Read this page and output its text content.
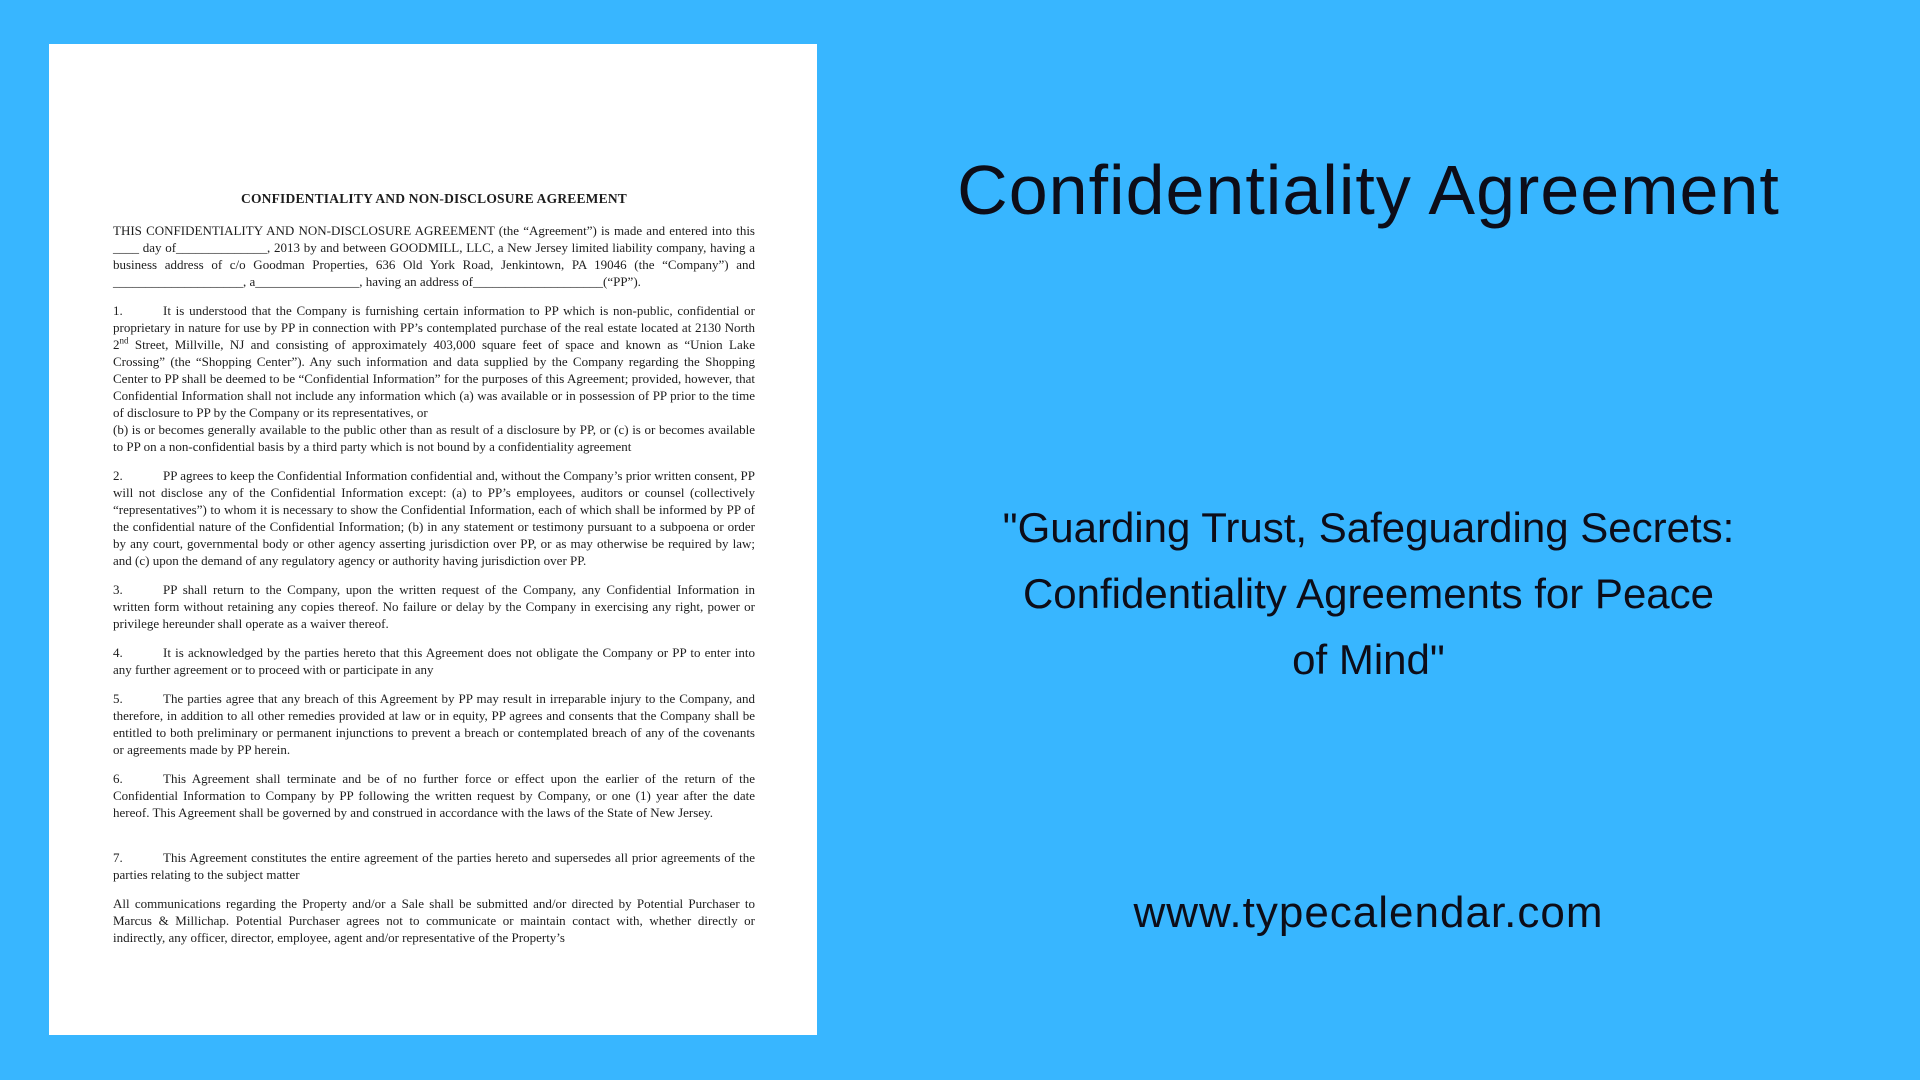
CONFIDENTIALITY AND NON-DISCLOSURE AGREEMENT

THIS CONFIDENTIALITY AND NON-DISCLOSURE AGREEMENT (the “Agreement”) is made and entered into this ____ day of______________, 2013 by and between GOODMILL, LLC, a New Jersey limited liability company, having a business address of c/o Goodman Properties, 636 Old York Road, Jenkintown, PA 19046 (the “Company”) and ____________________, a________________, having an address of____________________(“PP”).

1.	It is understood that the Company is furnishing certain information to PP which is non-public, confidential or proprietary in nature for use by PP in connection with PP’s contemplated purchase of the real estate located at 2130 North 2nd Street, Millville, NJ and consisting of approximately 403,000 square feet of space and known as “Union Lake Crossing” (the “Shopping Center”). Any such information and data supplied by the Company regarding the Shopping Center to PP shall be deemed to be “Confidential Information” for the purposes of this Agreement; provided, however, that Confidential Information shall not include any information which (a) was available or in possession of PP prior to the time of disclosure to PP by the Company or its representatives, or
(b) is or becomes generally available to the public other than as result of a disclosure by PP, or (c) is or becomes available to PP on a non-confidential basis by a third party which is not bound by a confidentiality agreement

2.	PP agrees to keep the Confidential Information confidential and, without the Company’s prior written consent, PP will not disclose any of the Confidential Information except: (a) to PP’s employees, auditors or counsel (collectively “representatives”) to whom it is necessary to show the Confidential Information, each of which shall be informed by PP of the confidential nature of the Confidential Information; (b) in any statement or testimony pursuant to a subpoena or order by any court, governmental body or other agency asserting jurisdiction over PP, or as may otherwise be required by law; and (c) upon the demand of any regulatory agency or authority having jurisdiction over PP.

3.	PP shall return to the Company, upon the written request of the Company, any Confidential Information in written form without retaining any copies thereof. No failure or delay by the Company in exercising any right, power or privilege hereunder shall operate as a waiver thereof.

4.	It is acknowledged by the parties hereto that this Agreement does not obligate the Company or PP to enter into any further agreement or to proceed with or participate in any

5.	The parties agree that any breach of this Agreement by PP may result in irreparable injury to the Company, and therefore, in addition to all other remedies provided at law or in equity, PP agrees and consents that the Company shall be entitled to both preliminary or permanent injunctions to prevent a breach or contemplated breach of any of the covenants or agreements made by PP herein.

6.	This Agreement shall terminate and be of no further force or effect upon the earlier of the return of the Confidential Information to Company by PP following the written request by Company, or one (1) year after the date hereof. This Agreement shall be governed by and construed in accordance with the laws of the State of New Jersey.

7.	This Agreement constitutes the entire agreement of the parties hereto and supersedes all prior agreements of the parties relating to the subject matter

All communications regarding the Property and/or a Sale shall be submitted and/or directed by Potential Purchaser to Marcus & Millichap. Potential Purchaser agrees not to communicate or maintain contact with, whether directly or indirectly, any officer, director, employee, agent and/or representative of the Property’s

Confidentiality Agreement
"Guarding Trust, Safeguarding Secrets:
Confidentiality Agreements for Peace
of Mind"
www.typecalendar.com
